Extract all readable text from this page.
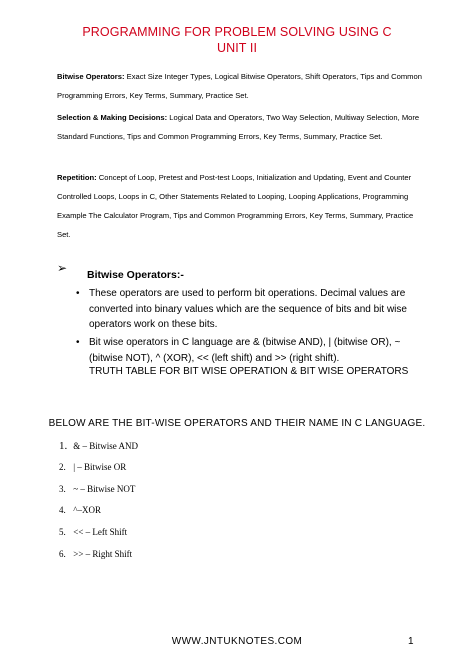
PROGRAMMING FOR PROBLEM SOLVING USING C
UNIT II
Bitwise Operators: Exact Size Integer Types, Logical Bitwise Operators, Shift Operators, Tips and Common Programming Errors, Key Terms, Summary, Practice Set.
Selection & Making Decisions: Logical Data and Operators, Two Way Selection, Multiway Selection, More Standard Functions, Tips and Common Programming Errors, Key Terms, Summary, Practice Set.
Repetition: Concept of Loop, Pretest and Post-test Loops, Initialization and Updating, Event and Counter Controlled Loops, Loops in C, Other Statements Related to Looping, Looping Applications, Programming Example The Calculator Program, Tips and Common Programming Errors, Key Terms, Summary, Practice Set.
➢ Bitwise Operators:-
• These operators are used to perform bit operations. Decimal values are converted into binary values which are the sequence of bits and bit wise operators work on these bits.
• Bit wise operators in C language are & (bitwise AND), | (bitwise OR), ~ (bitwise NOT), ^ (XOR), << (left shift) and >> (right shift).
TRUTH TABLE FOR BIT WISE OPERATION & BIT WISE OPERATORS
BELOW ARE THE BIT-WISE OPERATORS AND THEIR NAME IN C LANGUAGE.
1. & – Bitwise AND
2. | – Bitwise OR
3. ~ – Bitwise NOT
4. ^–XOR
5. << – Left Shift
6. >> – Right Shift
WWW.JNTUKNOTES.COM	1
